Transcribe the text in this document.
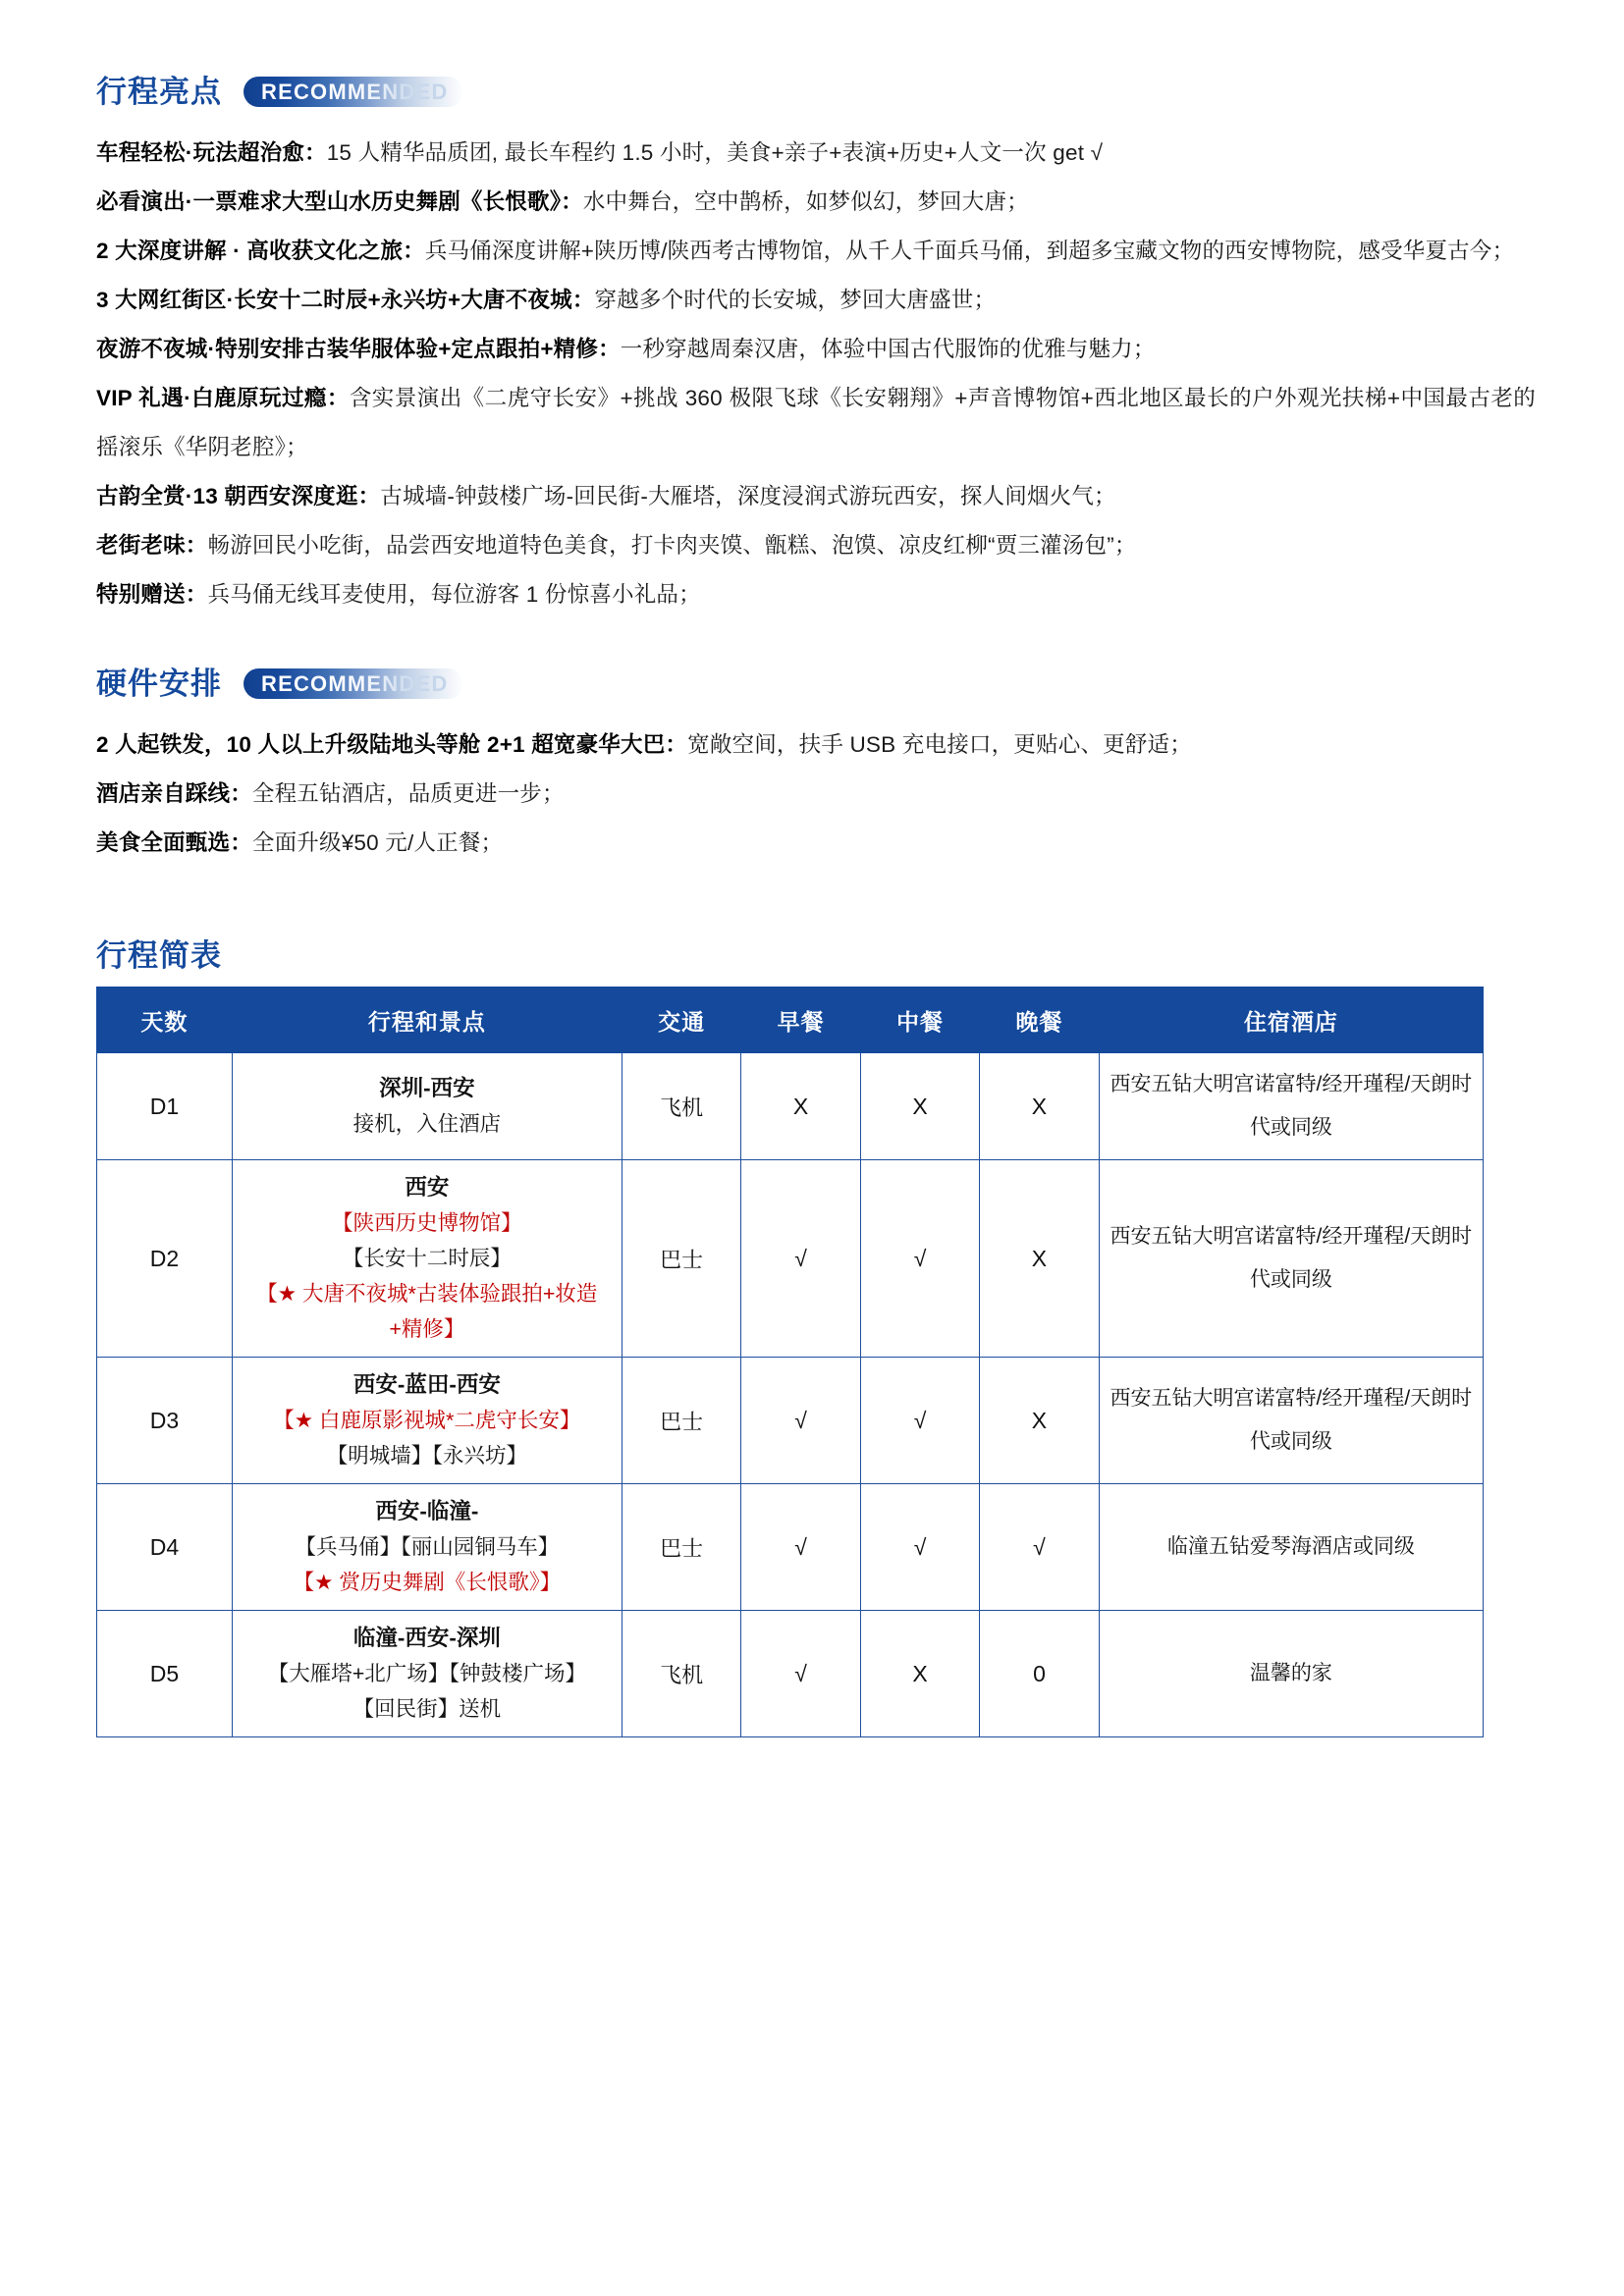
行程亮点	RECOMMENDED

车程轻松·玩法超治愈：15 人精华品质团, 最长车程约 1.5 小时，美食+亲子+表演+历史+人文一次 get √

必看演出·一票难求大型山水历史舞剧《长恨歌》：水中舞台，空中鹊桥，如梦似幻，梦回大唐；

2 大深度讲解 · 高收获文化之旅：兵马俑深度讲解+陕历博/陕西考古博物馆，从千人千面兵马俑，到超多宝藏文物的西安博物院，感受华夏古今；

3 大网红街区·长安十二时辰+永兴坊+大唐不夜城：穿越多个时代的长安城，梦回大唐盛世；

夜游不夜城·特别安排古装华服体验+定点跟拍+精修：一秒穿越周秦汉唐，体验中国古代服饰的优雅与魅力；

VIP 礼遇·白鹿原玩过瘾：含实景演出《二虎守长安》+挑战 360 极限飞球《长安翱翔》+声音博物馆+西北地区最长的户外观光扶梯+中国最古老的摇滚乐《华阴老腔》；

古韵全赏·13 朝西安深度逛：古城墙-钟鼓楼广场-回民街-大雁塔，深度浸润式游玩西安，探人间烟火气；

老街老味：畅游回民小吃街，品尝西安地道特色美食，打卡肉夹馍、甑糕、泡馍、凉皮红柳“贾三灌汤包”；

特别赠送：兵马俑无线耳麦使用，每位游客 1 份惊喜小礼品；

硬件安排	RECOMMENDED

2 人起铁发，10 人以上升级陆地头等舱 2+1 超宽豪华大巴：宽敞空间，扶手 USB 充电接口，更贴心、更舒适；

酒店亲自踩线：全程五钻酒店，品质更进一步；

美食全面甄选：全面升级¥50 元/人正餐；

行程简表
天数	行程和景点	交通	早餐	中餐	晚餐	住宿酒店
D1	深圳-西安
接机，入住酒店	飞机	X	X	X	西安五钻大明宫诺富特/经开瑾程/天朗时代或同级
D2	西安
【陕西历史博物馆】
【长安十二时辰】
【★ 大唐不夜城*古装体验跟拍+妆造+精修】	巴士	√	√	X	西安五钻大明宫诺富特/经开瑾程/天朗时代或同级
D3	西安-蓝田-西安
【★ 白鹿原影视城*二虎守长安】
【明城墙】【永兴坊】	巴士	√	√	X	西安五钻大明宫诺富特/经开瑾程/天朗时代或同级
D4	西安-临潼-
【兵马俑】【丽山园铜马车】
【★ 赏历史舞剧《长恨歌》】	巴士	√	√	√	临潼五钻爱琴海酒店或同级
D5	临潼-西安-深圳
【大雁塔+北广场】【钟鼓楼广场】
【回民街】送机	飞机	√	X	0	温馨的家
